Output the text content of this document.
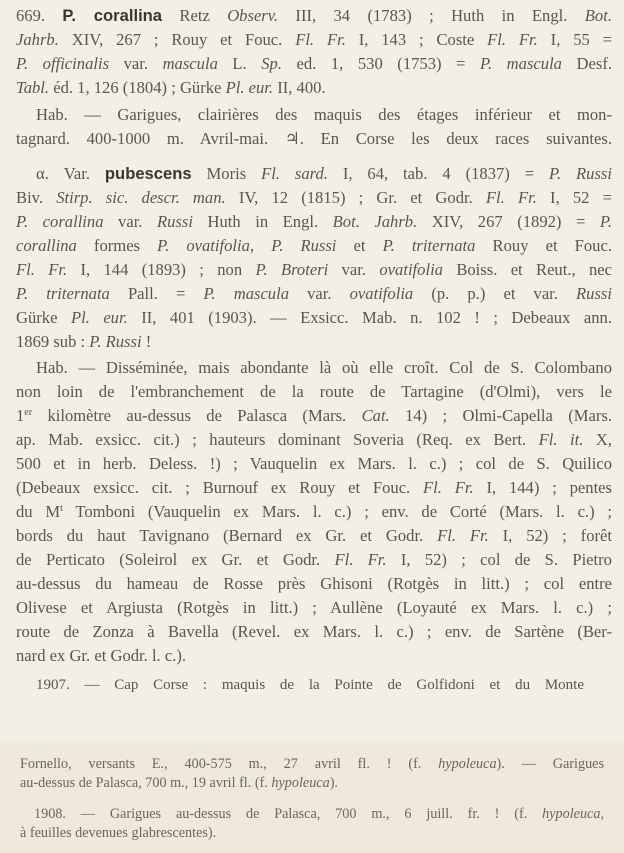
669. P. corallina Retz Observ. III, 34 (1783) ; Huth in Engl. Bot.
Jahrb. XIV, 267 ; Rouy et Fouc. Fl. Fr. I, 143 ; Coste Fl. Fr. I, 55 =
P. officinalis var. mascula L. Sp. ed. 1, 530 (1753) = P. mascula Desf.
Tabl. éd. 1, 126 (1804) ; Gürke Pl. eur. II, 400.
Hab. — Garigues, clairières des maquis des étages inférieur et mon-
tagnard. 400-1000 m. Avril-mai. ♃. En Corse les deux races suivantes.
α. Var. pubescens Moris Fl. sard. I, 64, tab. 4 (1837) = P. Russi
Biv. Stirp. sic. descr. man. IV, 12 (1815) ; Gr. et Godr. Fl. Fr. I, 52 =
P. corallina var. Russi Huth in Engl. Bot. Jahrb. XIV, 267 (1892) = P.
corallina formes P. ovatifolia, P. Russi et P. triternata Rouy et Fouc.
Fl. Fr. I, 144 (1893) ; non P. Broteri var. ovatifolia Boiss. et Reut., nec
P. triternata Pall. = P. mascula var. ovatifolia (p. p.) et var. Russi
Gürke Pl. eur. II, 401 (1903). — Exsicc. Mab. n. 102 ! ; Debeaux ann.
1869 sub : P. Russi !
Hab. — Disséminée, mais abondante là où elle croît. Col de S. Colombano
non loin de l'embranchement de la route de Tartagine (d'Olmi), vers le
1er kilomètre au-dessus de Palasca (Mars. Cat. 14) ; Olmi-Capella (Mars.
ap. Mab. exsicc. cit.) ; hauteurs dominant Soveria (Req. ex Bert. Fl. it. X,
500 et in herb. Deless. !) ; Vauquelin ex Mars. l. c.) ; col de S. Quilico
(Debeaux exsicc. cit. ; Burnouf ex Rouy et Fouc. Fl. Fr. I, 144) ; pentes
du $M^t$ Tomboni (Vauquelin ex Mars. l. c.) ; env. de Corté (Mars. l. c.) ;
bords du haut Tavignano (Bernard ex Gr. et Godr. Fl. Fr. I, 52) ; forêt
de Perticato (Soleirol ex Gr. et Godr. Fl. Fr. I, 52) ; col de S. Pietro
au-dessus du hameau de Rosse près Ghisoni (Rotgès in litt.) ; col entre
Olivese et Argiusta (Rotgès in litt.) ; Aullène (Loyauté ex Mars. l. c.) ;
route de Zonza à Bavella (Revel. ex Mars. l. c.) ; env. de Sartène (Ber-
nard ex Gr. et Godr. l. c.).
1907. — Cap Corse : maquis de la Pointe de Golfidoni et du Monte
Fornello, versants E., 400-575 m., 27 avril fl. ! (f. hypoleuca). — Garigues
au-dessus de Palasca, 700 m., 19 avril fl. (f. hypoleuca).
1908. — Garigues au-dessus de Palasca, 700 m., 6 juill. fr. ! (f. hypoleuca,
à feuilles devenues glabrescentes).
